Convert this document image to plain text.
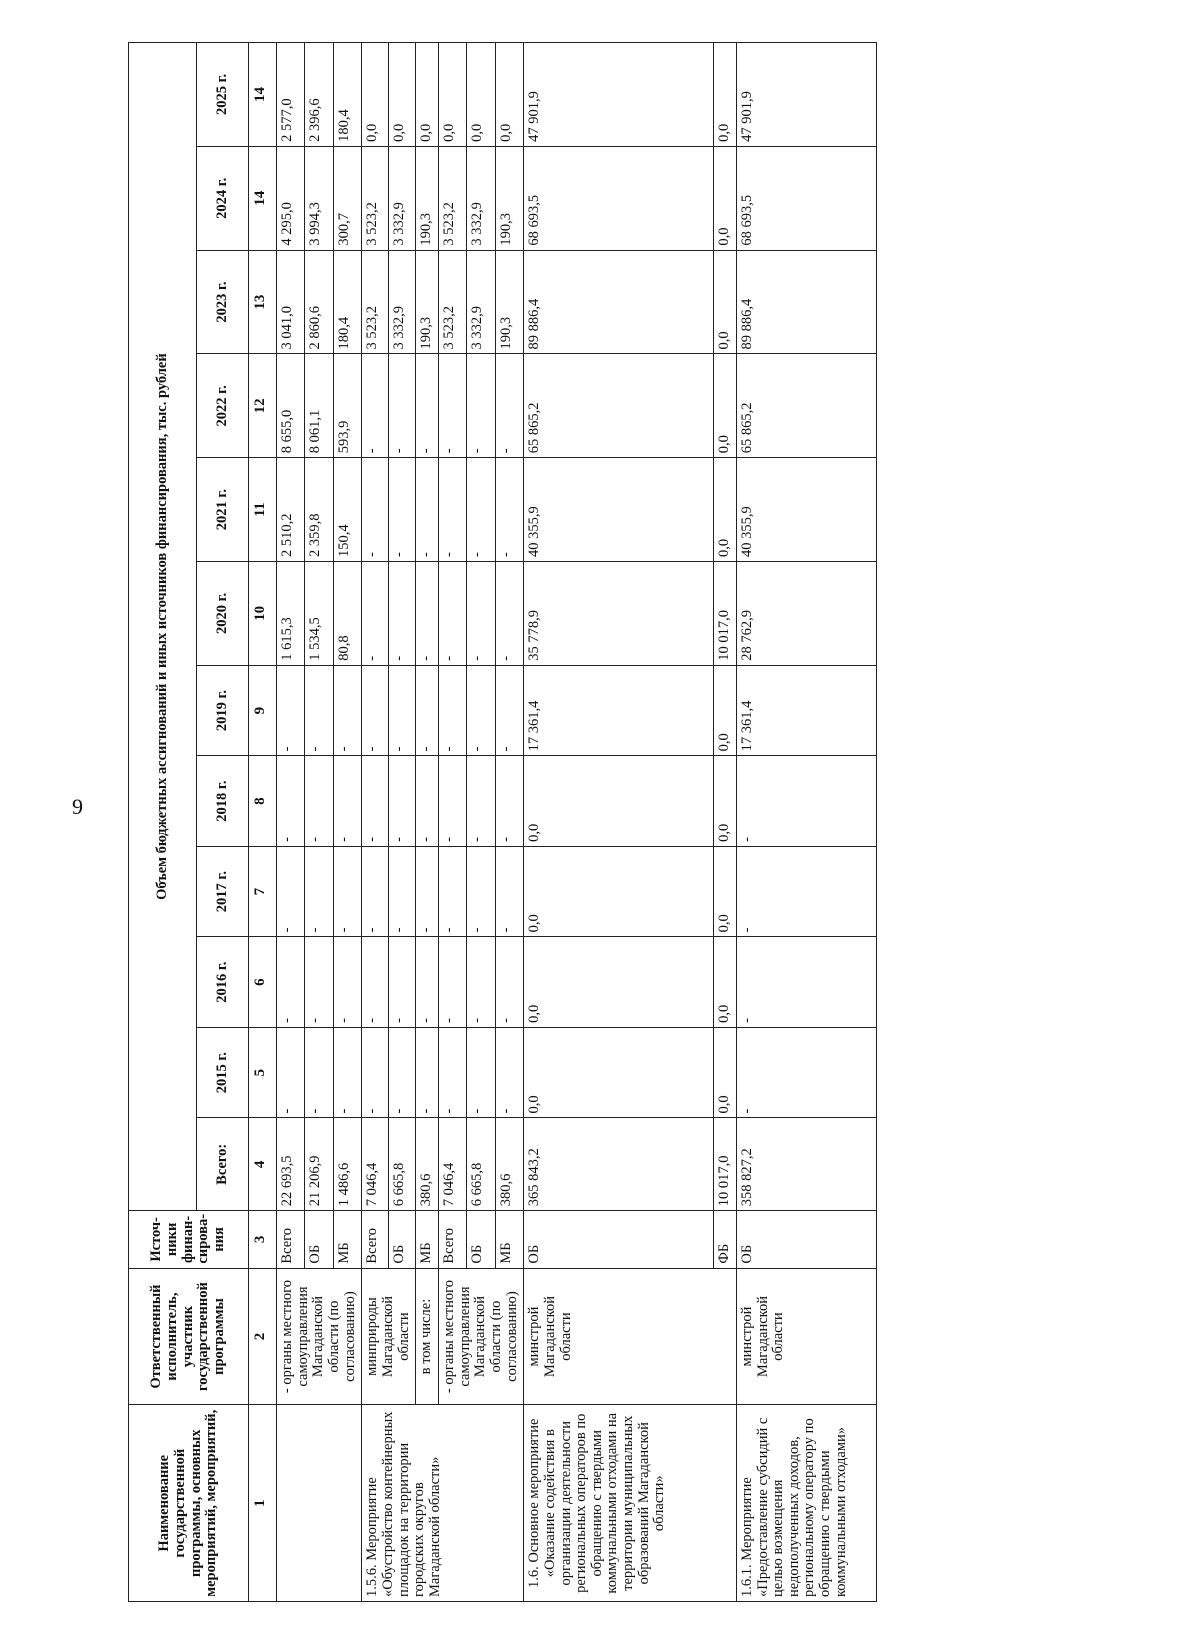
9
Наименование государственной программы, основных мероприятий, мероприятий,	Ответственный исполнитель, участник государственной программы	Источ-ники финан-сирова-ния	Объем бюджетных ассигнований и иных источников финансирования, тыс. рублей											
			Всего:	2015 г.	2016 г.	2017 г.	2018 г.	2019 г.	2020 г.	2021 г.	2022 г.	2023 г.	2024 г.	2025 г.
1	2	3	4	5	6	7	8	9	10	11	12	13	14	14
	- органы местного самоуправления Магаданской области (по согласованию)	Всего	22 693,5	-	-	-	-	-	1 615,3	2 510,2	8 655,0	3 041,0	4 295,0	2 577,0
		ОБ	21 206,9	-	-	-	-	-	1 534,5	2 359,8	8 061,1	2 860,6	3 994,3	2 396,6
		МБ	1 486,6	-	-	-	-	-	80,8	150,4	593,9	180,4	300,7	180,4
1.5.6. Мероприятие «Обустройство контейнерных площадок на территории городских округов Магаданской области»	минприроды Магаданской области	Всего	7 046,4	-	-	-	-	-	-	-	-	3 523,2	3 523,2	0,0
		ОБ	6 665,8	-	-	-	-	-	-	-	-	3 332,9	3 332,9	0,0
	в том числе:	МБ	380,6	-	-	-	-	-	-	-	-	190,3	190,3	0,0
	- органы местного самоуправления Магаданской области (по согласованию)	Всего	7 046,4	-	-	-	-	-	-	-	-	3 523,2	3 523,2	0,0
		ОБ	6 665,8	-	-	-	-	-	-	-	-	3 332,9	3 332,9	0,0
		МБ	380,6	-	-	-	-	-	-	-	-	190,3	190,3	0,0
1.6. Основное мероприятие «Оказание содействия в организации деятельности региональных операторов по обращению с твердыми коммунальными отходами на территории муниципальных образований Магаданской области»	минстрой Магаданской области	ОБ	365 843,2	0,0	0,0	0,0	0,0	17 361,4	35 778,9	40 355,9	65 865,2	89 886,4	68 693,5	47 901,9
		ФБ	10 017,0	0,0	0,0	0,0	0,0	0,0	10 017,0	0,0	0,0	0,0	0,0	0,0
1.6.1. Мероприятие «Предоставление субсидий с целью возмещения недополученных доходов, региональному оператору по обращению с твердыми коммунальными отходами»	минстрой Магаданской области	ОБ	358 827,2	-	-	-	-	17 361,4	28 762,9	40 355,9	65 865,2	89 886,4	68 693,5	47 901,9
